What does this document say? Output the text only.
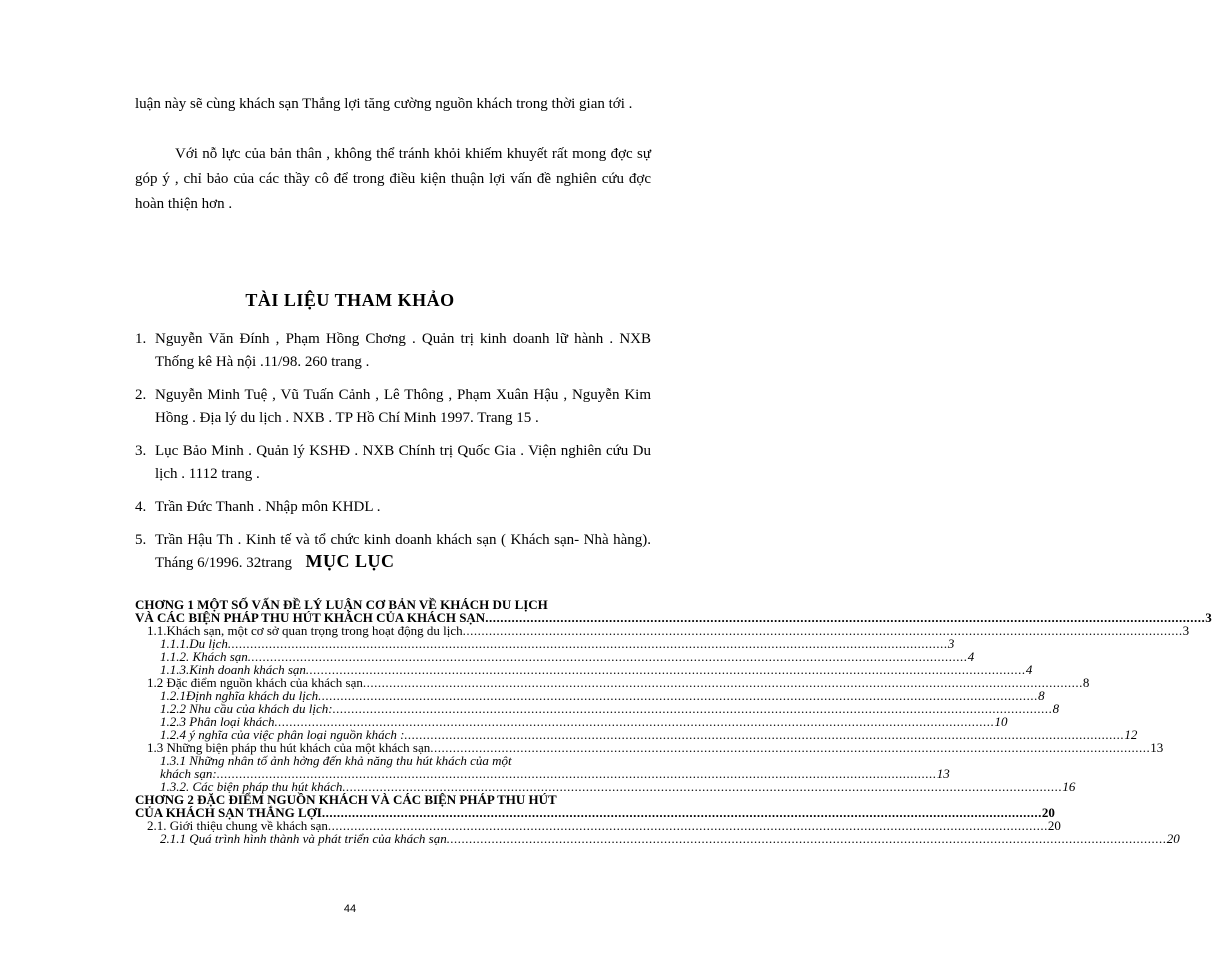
luận này sẽ cùng khách sạn Thắng lợi tăng cường nguồn khách trong thời gian tới .
Với nỗ lực của bản thân , không thể tránh khỏi khiếm khuyết rất mong đợc sự góp ý , chỉ bảo của các thầy cô để trong điều kiện thuận lợi vấn đề nghiên cứu đợc hoàn thiện hơn .
TÀI LIỆU THAM KHẢO
1. Nguyễn Văn Đính , Phạm Hồng Chơng . Quản trị kinh doanh lữ hành . NXB Thống kê Hà nội .11/98. 260 trang .
2. Nguyễn Minh Tuệ , Vũ Tuấn Cảnh , Lê Thông , Phạm Xuân Hậu , Nguyễn Kim Hồng . Địa lý du lịch . NXB . TP Hồ Chí Minh 1997. Trang 15 .
3. Lục Bảo Minh . Quản lý KSHĐ . NXB Chính trị Quốc Gia . Viện nghiên cứu Du lịch . 1112 trang .
4. Trần Đức Thanh . Nhập môn KHDL .
5. Trần Hậu Th . Kinh tế và tổ chức kinh doanh khách sạn ( Khách sạn- Nhà hàng). Tháng 6/1996. 32trang MỤC LỤC
CHƠNG 1 MỘT SỐ VẤN ĐỀ LÝ LUẬN CƠ BẢN VỀ KHÁCH DU LỊCH
VÀ CÁC BIỆN PHÁP THU HÚT KHÁCH CỦA KHÁCH SẠN .....	3
1.1.Khách sạn, một cơ sở quan trọng trong hoạt động du lịch .....	3
1.1.1.Du lịch .....	3
1.1.2. Khách sạn .....	4
1.1.3.Kinh doanh khách sạn .....	4
1.2 Đặc điểm nguồn khách của khách sạn .....	8
1.2.1Định nghĩa khách du lịch .....	8
1.2.2 Nhu cầu của khách du lịch: .....	8
1.2.3 Phân loại khách .....	10
1.2.4 ý nghĩa của việc phân loại nguồn khách : .....	12
1.3 Những biện pháp thu hút khách của một khách sạn .....	13
1.3.1 Những nhân tố ảnh hởng đến khả năng thu hút khách của một
khách sạn: .....	13
1.3.2. Các biện pháp thu hút khách .....	16
CHƠNG 2 ĐẶC ĐIỂM NGUỒN KHÁCH VÀ CÁC BIỆN PHÁP THU HÚT
CỦA KHÁCH SẠN THẮNG LỢI .....	20
2.1. Giới thiệu chung về khách sạn .....	20
2.1.1 Quá trình hình thành và phát triển của khách sạn .....	20
44
